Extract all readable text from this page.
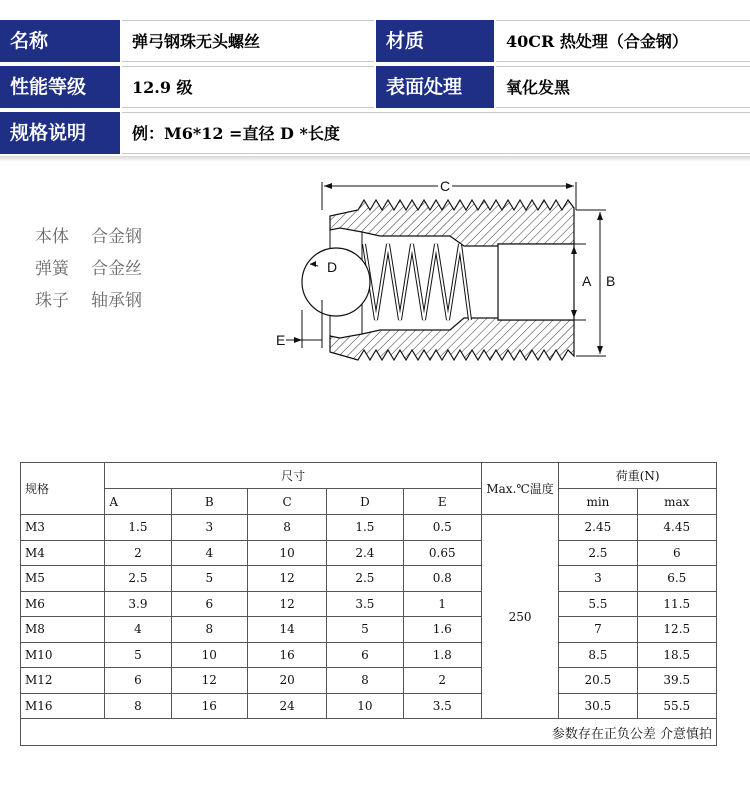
名称	弹弓钢珠无头螺丝	材质	40CR 热处理（合金钢）
性能等级	12.9 级	表面处理	氧化发黑
规格说明	例：M6*12 =直径 D *长度
本体 合金钢
弹簧 合金丝
珠子 轴承钢
C
D
E
A B
规格	尺寸					Max.℃温度	荷重(N)	
	A	B	C	D	E		min	max
M3	1.5	3	8	1.5	0.5	250	2.45	4.45
M4	2	4	10	2.4	0.65		2.5	6
M5	2.5	5	12	2.5	0.8		3	6.5
M6	3.9	6	12	3.5	1		5.5	11.5
M8	4	8	14	5	1.6		7	12.5
M10	5	10	16	6	1.8		8.5	18.5
M12	6	12	20	8	2		20.5	39.5
M16	8	16	24	10	3.5		30.5	55.5
参数存在正负公差 介意慎拍								
